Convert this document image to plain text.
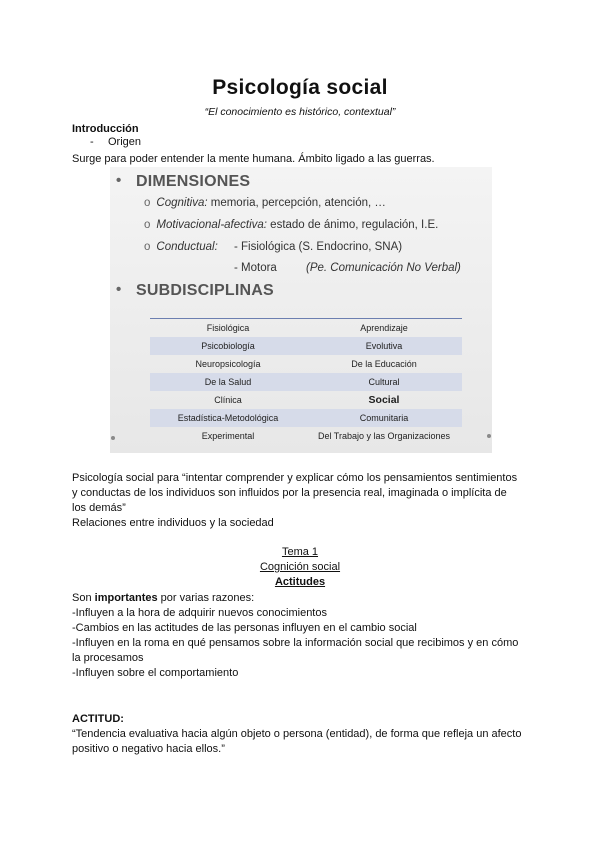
Psicología social
“El conocimiento es histórico, contextual”
Introducción
- Origen
Surge para poder entender la mente humana. Ámbito ligado a las guerras.
• DIMENSIONES
o Cognitiva: memoria, percepción, atención, …
o Motivacional-afectiva: estado de ánimo, regulación, I.E.
o Conductual: - Fisiológica (S. Endocrino, SNA)
- Motora	(Pe. Comunicación No Verbal)
• SUBDISCIPLINAS
Fisiológica	Aprendizaje
Psicobiología	Evolutiva
Neuropsicología	De la Educación
De la Salud	Cultural
Clínica	Social
Estadística-Metodológica	Comunitaria
Experimental	Del Trabajo y las Organizaciones
Psicología social para “intentar comprender y explicar cómo los pensamientos sentimientos
y conductas de los individuos son influidos por la presencia real, imaginada o implícita de
los demás”
Relaciones entre individuos y la sociedad
Tema 1
Cognición social
Actitudes
Son importantes por varias razones:
-Influyen a la hora de adquirir nuevos conocimientos
-Cambios en las actitudes de las personas influyen en el cambio social
-Influyen en la roma en qué pensamos sobre la información social que recibimos y en cómo
la procesamos
-Influyen sobre el comportamiento
ACTITUD:
“Tendencia evaluativa hacia algún objeto o persona (entidad), de forma que refleja un afecto
positivo o negativo hacia ellos.”
